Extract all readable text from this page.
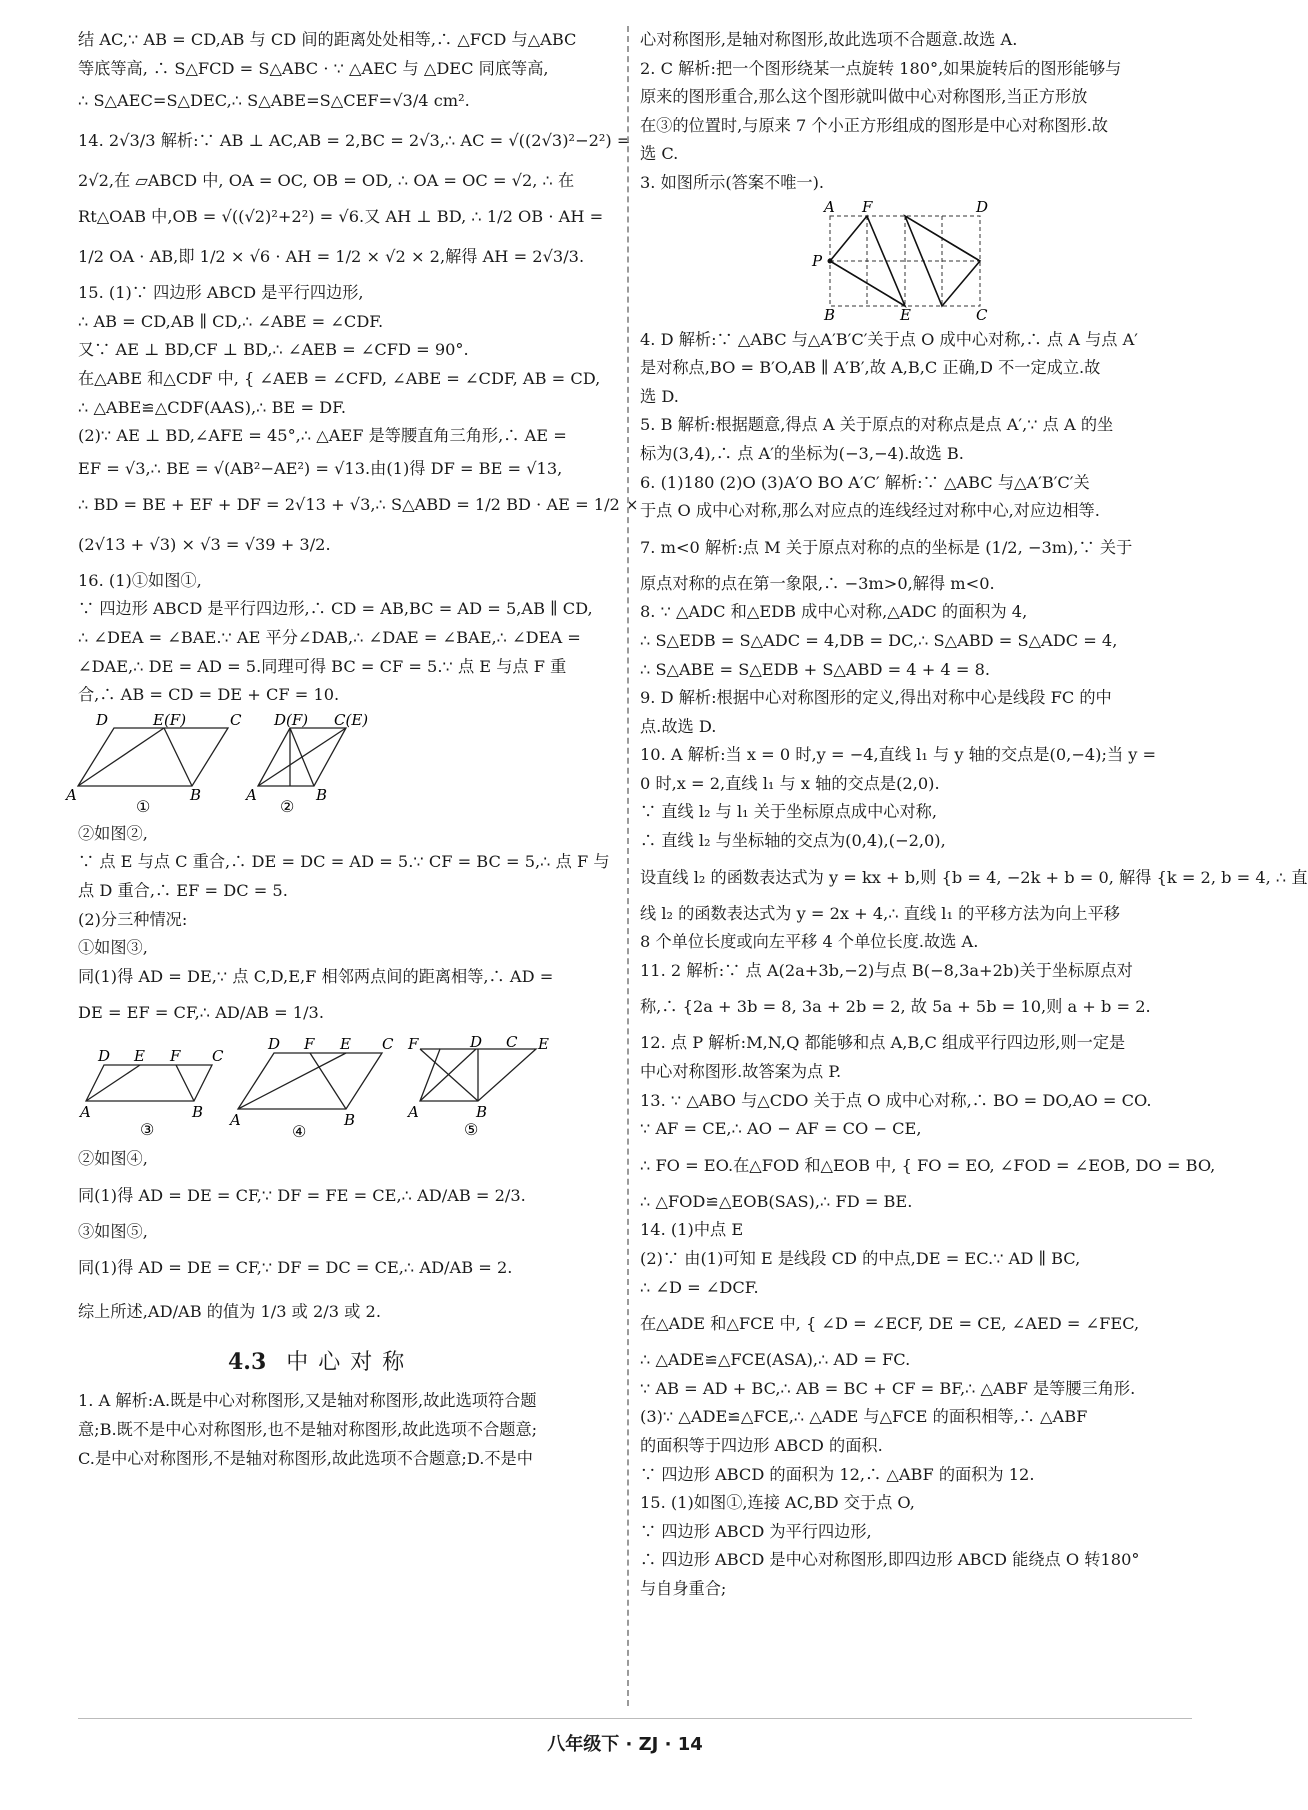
结 AC,∵ AB = CD,AB 与 CD 间的距离处处相等,∴ △FCD 与△ABC
等底等高, ∴ S△FCD = S△ABC · ∵ △AEC 与 △DEC 同底等高,
∴ S△AEC=S△DEC,∴ S△ABE=S△CEF=√3/4 cm².
14. 2√3/3 解析:∵ AB ⊥ AC,AB = 2,BC = 2√3,∴ AC = √((2√3)²−2²) =
2√2,在 ▱ABCD 中, OA = OC, OB = OD, ∴ OA = OC = √2, ∴ 在
Rt△OAB 中,OB = √((√2)²+2²) = √6.又 AH ⊥ BD, ∴ 1/2 OB · AH =
1/2 OA · AB,即 1/2 × √6 · AH = 1/2 × √2 × 2,解得 AH = 2√3/3.
15. (1)∵ 四边形 ABCD 是平行四边形,
∴ AB = CD,AB ∥ CD,∴ ∠ABE = ∠CDF.
又∵ AE ⊥ BD,CF ⊥ BD,∴ ∠AEB = ∠CFD = 90°.
在△ABE 和△CDF 中, { ∠AEB = ∠CFD, ∠ABE = ∠CDF, AB = CD,
∴ △ABE≌△CDF(AAS),∴ BE = DF.
(2)∵ AE ⊥ BD,∠AFE = 45°,∴ △AEF 是等腰直角三角形,∴ AE =
EF = √3,∴ BE = √(AB²−AE²) = √13.由(1)得 DF = BE = √13,
∴ BD = BE + EF + DF = 2√13 + √3,∴ S△ABD = 1/2 BD · AE = 1/2 ×
(2√13 + √3) × √3 = √39 + 3/2.
16. (1)①如图①,
∵ 四边形 ABCD 是平行四边形,∴ CD = AB,BC = AD = 5,AB ∥ CD,
∴ ∠DEA = ∠BAE.∵ AE 平分∠DAB,∴ ∠DAE = ∠BAE,∴ ∠DEA =
∠DAE,∴ DE = AD = 5.同理可得 BC = CF = 5.∵ 点 E 与点 F 重
合,∴ AB = CD = DE + CF = 10.
D	E(F)	C
A	B
①
D(F) C(E)
A	B
②
②如图②,
∵ 点 E 与点 C 重合,∴ DE = DC = AD = 5.∵ CF = BC = 5,∴ 点 F 与
点 D 重合,∴ EF = DC = 5.
(2)分三种情况:
①如图③,
同(1)得 AD = DE,∵ 点 C,D,E,F 相邻两点间的距离相等,∴ AD =
DE = EF = CF,∴ AD/AB = 1/3.
D E F C
A	B
③
D F E C
A	B
④
F	D C E
A	B
⑤
②如图④,
同(1)得 AD = DE = CF,∵ DF = FE = CE,∴ AD/AB = 2/3.
③如图⑤,
同(1)得 AD = DE = CF,∵ DF = DC = CE,∴ AD/AB = 2.
综上所述,AD/AB 的值为 1/3 或 2/3 或 2.
4.3 中心对称
1. A 解析:A.既是中心对称图形,又是轴对称图形,故此选项符合题
意;B.既不是中心对称图形,也不是轴对称图形,故此选项不合题意;
C.是中心对称图形,不是轴对称图形,故此选项不合题意;D.不是中
心对称图形,是轴对称图形,故此选项不合题意.故选 A.
2. C 解析:把一个图形绕某一点旋转 180°,如果旋转后的图形能够与
原来的图形重合,那么这个图形就叫做中心对称图形,当正方形放
在③的位置时,与原来 7 个小正方形组成的图形是中心对称图形.故
选 C.
3. 如图所示(答案不唯一).
A F	D
P
B	E	C
4. D 解析:∵ △ABC 与△A′B′C′关于点 O 成中心对称,∴ 点 A 与点 A′
是对称点,BO = B′O,AB ∥ A′B′,故 A,B,C 正确,D 不一定成立.故
选 D.
5. B 解析:根据题意,得点 A 关于原点的对称点是点 A′,∵ 点 A 的坐
标为(3,4),∴ 点 A′的坐标为(−3,−4).故选 B.
6. (1)180 (2)O (3)A′O BO A′C′ 解析:∵ △ABC 与△A′B′C′关
于点 O 成中心对称,那么对应点的连线经过对称中心,对应边相等.
7. m<0 解析:点 M 关于原点对称的点的坐标是 (1/2, −3m),∵ 关于
原点对称的点在第一象限,∴ −3m>0,解得 m<0.
8. ∵ △ADC 和△EDB 成中心对称,△ADC 的面积为 4,
∴ S△EDB = S△ADC = 4,DB = DC,∴ S△ABD = S△ADC = 4,
∴ S△ABE = S△EDB + S△ABD = 4 + 4 = 8.
9. D 解析:根据中心对称图形的定义,得出对称中心是线段 FC 的中
点.故选 D.
10. A 解析:当 x = 0 时,y = −4,直线 l₁ 与 y 轴的交点是(0,−4);当 y =
0 时,x = 2,直线 l₁ 与 x 轴的交点是(2,0).
∵ 直线 l₂ 与 l₁ 关于坐标原点成中心对称,
∴ 直线 l₂ 与坐标轴的交点为(0,4),(−2,0),
设直线 l₂ 的函数表达式为 y = kx + b,则 {b = 4, −2k + b = 0, 解得 {k = 2, b = 4, ∴ 直
线 l₂ 的函数表达式为 y = 2x + 4,∴ 直线 l₁ 的平移方法为向上平移
8 个单位长度或向左平移 4 个单位长度.故选 A.
11. 2 解析:∵ 点 A(2a+3b,−2)与点 B(−8,3a+2b)关于坐标原点对
称,∴ {2a + 3b = 8, 3a + 2b = 2, 故 5a + 5b = 10,则 a + b = 2.
12. 点 P 解析:M,N,Q 都能够和点 A,B,C 组成平行四边形,则一定是
中心对称图形.故答案为点 P.
13. ∵ △ABO 与△CDO 关于点 O 成中心对称,∴ BO = DO,AO = CO.
∵ AF = CE,∴ AO − AF = CO − CE,
∴ FO = EO.在△FOD 和△EOB 中, { FO = EO, ∠FOD = ∠EOB, DO = BO,
∴ △FOD≌△EOB(SAS),∴ FD = BE.
14. (1)中点 E
(2)∵ 由(1)可知 E 是线段 CD 的中点,DE = EC.∵ AD ∥ BC,
∴ ∠D = ∠DCF.
在△ADE 和△FCE 中, { ∠D = ∠ECF, DE = CE, ∠AED = ∠FEC,
∴ △ADE≌△FCE(ASA),∴ AD = FC.
∵ AB = AD + BC,∴ AB = BC + CF = BF,∴ △ABF 是等腰三角形.
(3)∵ △ADE≌△FCE,∴ △ADE 与△FCE 的面积相等,∴ △ABF
的面积等于四边形 ABCD 的面积.
∵ 四边形 ABCD 的面积为 12,∴ △ABF 的面积为 12.
15. (1)如图①,连接 AC,BD 交于点 O,
∵ 四边形 ABCD 为平行四边形,
∴ 四边形 ABCD 是中心对称图形,即四边形 ABCD 能绕点 O 转180°
与自身重合;
八年级下 · ZJ · 14
